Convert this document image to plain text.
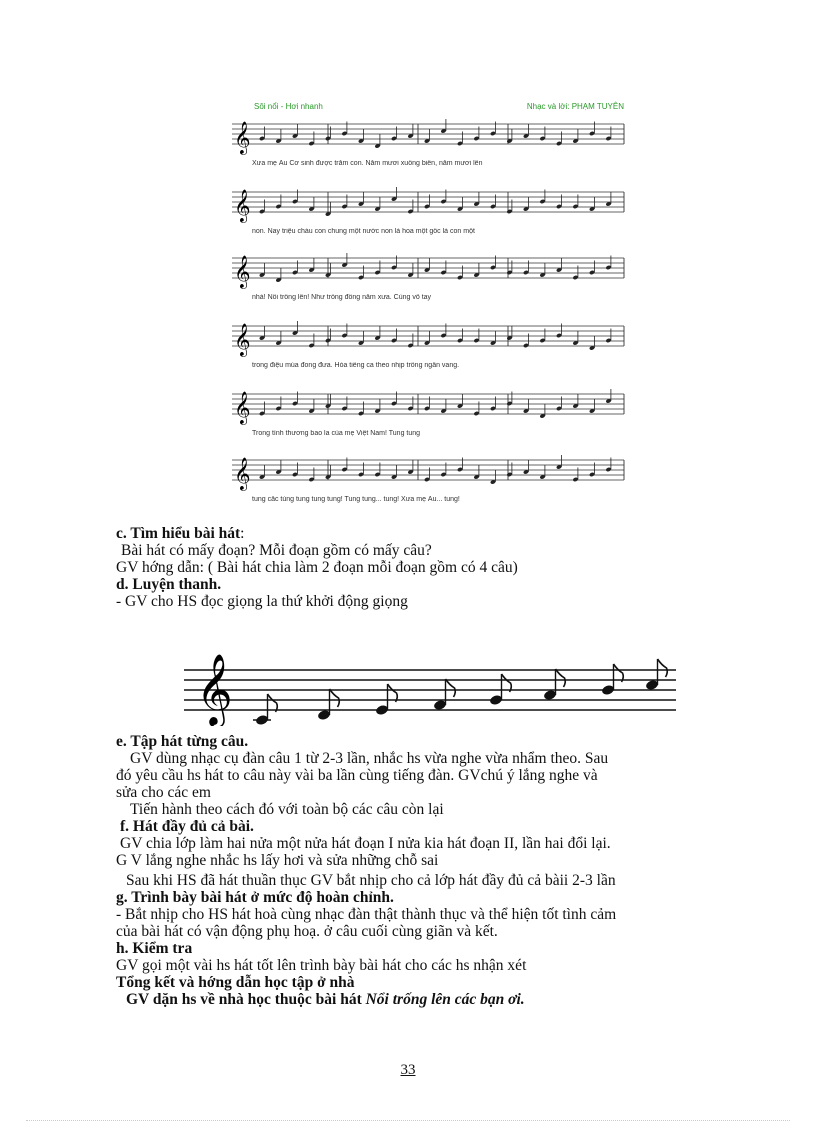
Sôi nổi - Hơi nhanh	Nhạc và lời: PHẠM TUYÊN
𝄞
Xưa mẹ Âu Cơ sinh được trăm con. Năm mươi xuống biển, năm mươi lên
𝄞
non. Nay triệu cháu con chung một nước non là hoa một gốc là con một
𝄞
nhà! Nổi trống lên! Như trống đồng năm xưa. Cùng vỗ tay
𝄞
trong điệu múa đong đưa. Hòa tiếng ca theo nhịp trống ngân vang.
𝄞
Trong tình thương bao la của mẹ Việt Nam! Tung tung
𝄞
tung cắc tùng tung tung tung! Tung tung... tung! Xưa mẹ Âu... tung!
c. Tìm hiểu bài hát:
Bài hát có mấy đoạn? Mỗi đoạn gồm có mấy câu?
GV hớng dẫn: ( Bài hát chia làm 2 đoạn mỗi đoạn gồm có 4 câu)
d. Luyện thanh.
- GV cho HS đọc giọng la thứ khởi động giọng
𝄞
e. Tập hát từng câu.
GV dùng nhạc cụ đàn câu 1 từ 2-3 lần, nhắc hs vừa nghe vừa nhẩm theo. Sau
đó yêu cầu hs hát to câu này vài ba lần cùng tiếng đàn. GVchú ý lắng nghe và
sửa cho các em
Tiến hành theo cách đó với toàn bộ các câu còn lại
f. Hát đầy đủ cả bài.
GV chia lớp làm hai nửa một nửa hát đoạn I nửa kia hát đoạn II, lần hai đổi lại.
G V lắng nghe nhắc hs lấy hơi và sửa những chỗ sai
Sau khi HS đã hát thuần thục GV bắt nhịp cho cả lớp hát đầy đủ cả bàii 2-3 lần
g. Trình bày bài hát ở mức độ hoàn chỉnh.
- Bắt nhịp cho HS hát hoà cùng nhạc đàn thật thành thục và thể hiện tốt tình cảm
của bài hát có vận động phụ hoạ. ở câu cuối cùng giãn và kết.
h. Kiểm tra
GV gọi một vài hs hát tốt lên trình bày bài hát cho các hs nhận xét
Tổng kết và hớng dẫn học tập ở nhà
GV dặn hs về nhà học thuộc bài hát Nổi trống lên các bạn ơi.
33
